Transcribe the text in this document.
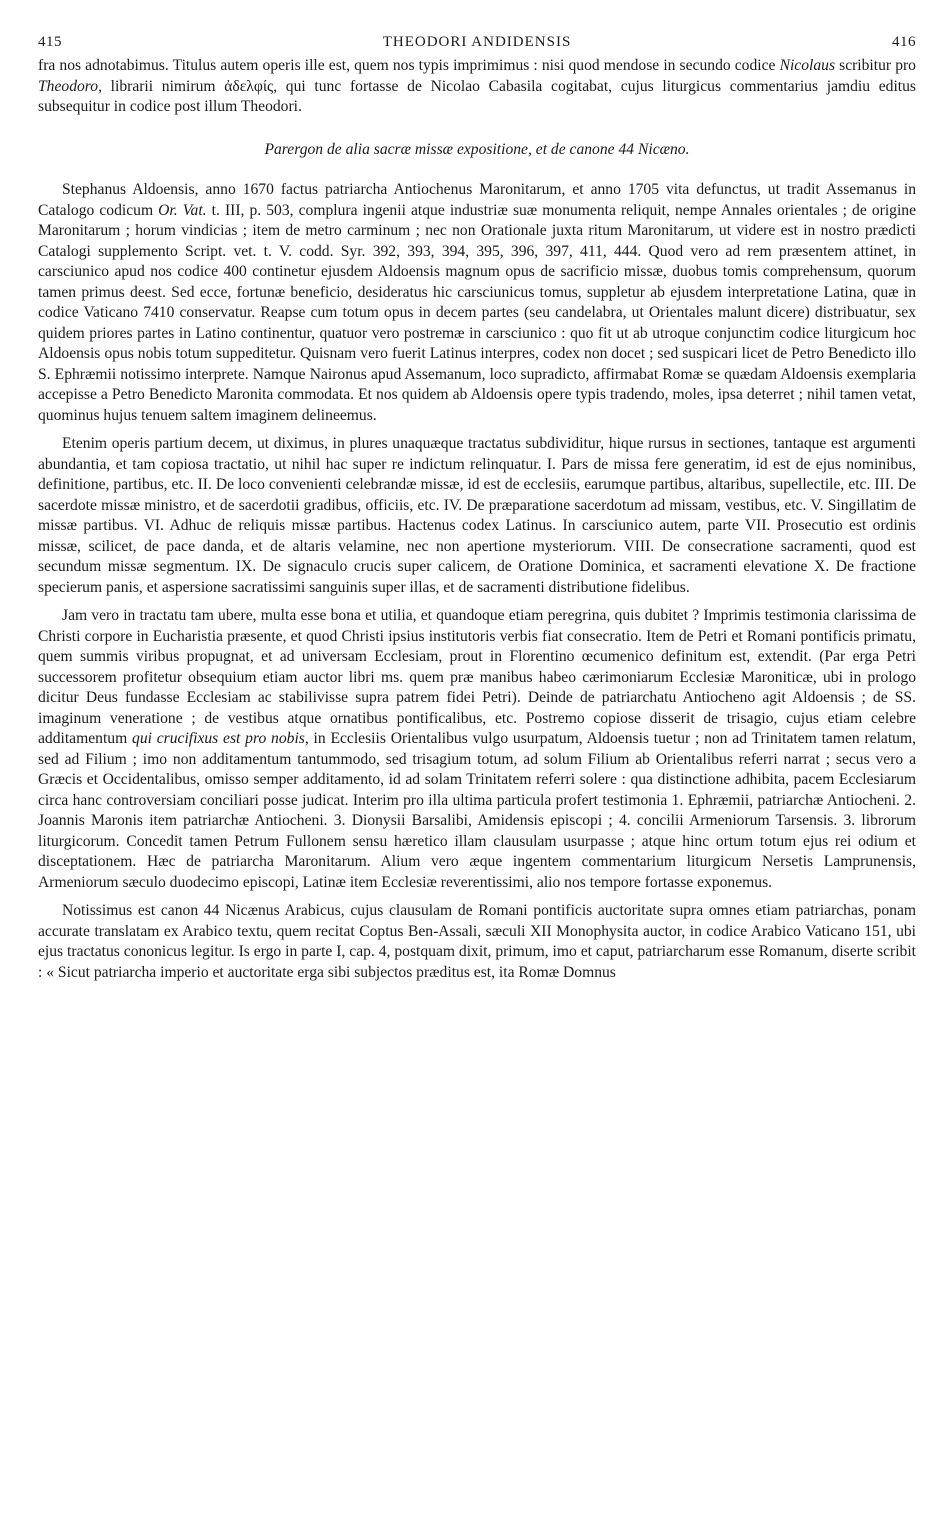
415	THEODORI ANDIDENSIS	416

fra nos adnotabimus. Titulus autem operis ille est, quem nos typis imprimimus : nisi quod mendose in secundo codice Nicolaus scribitur pro Theodoro, librarii nimirum ἀδελφίς, qui tunc fortasse de Nicolao Cabasila cogitabat, cujus liturgicus commentarius jamdiu editus subsequitur in codice post illum Theodori.

Parergon de alia sacræ missæ expositione, et de canone 44 Nicæno.

Stephanus Aldoensis, anno 1670 factus patriarcha Antiochenus Maronitarum, et anno 1705 vita defunctus, ut tradit Assemanus in Catalogo codicum Or. Vat. t. III, p. 503, complura ingenii atque industriæ suæ monumenta reliquit, nempe Annales orientales ; de origine Maronitarum ; horum vindicias ; item de metro carminum ; nec non Orationale juxta ritum Maronitarum, ut videre est in nostro prædicti Catalogi supplemento Script. vet. t. V. codd. Syr. 392, 393, 394, 395, 396, 397, 411, 444. Quod vero ad rem præsentem attinet, in carsciunico apud nos codice 400 continetur ejusdem Aldoensis magnum opus de sacrificio missæ, duobus tomis comprehensum, quorum tamen primus deest. Sed ecce, fortunæ beneficio, desideratus hic carsciunicus tomus, suppletur ab ejusdem interpretatione Latina, quæ in codice Vaticano 7410 conservatur. Reapse cum totum opus in decem partes (seu candelabra, ut Orientales malunt dicere) distribuatur, sex quidem priores partes in Latino continentur, quatuor vero postremæ in carsciunico : quo fit ut ab utroque conjunctim codice liturgicum hoc Aldoensis opus nobis totum suppeditetur. Quisnam vero fuerit Latinus interpres, codex non docet ; sed suspicari licet de Petro Benedicto illo S. Ephræmii notissimo interprete. Namque Naironus apud Assemanum, loco supradicto, affirmabat Romæ se quædam Aldoensis exemplaria accepisse a Petro Benedicto Maronita commodata. Et nos quidem ab Aldoensis opere typis tradendo, moles, ipsa deterret ; nihil tamen vetat, quominus hujus tenuem saltem imaginem delineemus.

Etenim operis partium decem, ut diximus, in plures unaquæque tractatus subdividitur, hique rursus in sectiones, tantaque est argumenti abundantia, et tam copiosa tractatio, ut nihil hac super re indictum relinquatur. I. Pars de missa fere generatim, id est de ejus nominibus, definitione, partibus, etc. II. De loco convenienti celebrandæ missæ, id est de ecclesiis, earumque partibus, altaribus, supellectile, etc. III. De sacerdote missæ ministro, et de sacerdotii gradibus, officiis, etc. IV. De præparatione sacerdotum ad missam, vestibus, etc. V. Singillatim de missæ partibus. VI. Adhuc de reliquis missæ partibus. Hactenus codex Latinus. In carsciunico autem, parte VII. Prosecutio est ordinis missæ, scilicet, de pace danda, et de altaris velamine, nec non apertione mysteriorum. VIII. De consecratione sacramenti, quod est secundum missæ segmentum. IX. De signaculo crucis super calicem, de Oratione Dominica, et sacramenti elevatione X. De fractione specierum panis, et aspersione sacratissimi sanguinis super illas, et de sacramenti distributione fidelibus.

Jam vero in tractatu tam ubere, multa esse bona et utilia, et quandoque etiam peregrina, quis dubitet ? Imprimis testimonia clarissima de Christi corpore in Eucharistia præsente, et quod Christi ipsius institutoris verbis fiat consecratio. Item de Petri et Romani pontificis primatu, quem summis viribus propugnat, et ad universam Ecclesiam, prout in Florentino œcumenico definitum est, extendit. (Par erga Petri successorem profitetur obsequium etiam auctor libri ms. quem præ manibus habeo cærimoniarum Ecclesiæ Maroniticæ, ubi in prologo dicitur Deus fundasse Ecclesiam ac stabilivisse supra patrem fidei Petri). Deinde de patriarchatu Antiocheno agit Aldoensis ; de SS. imaginum veneratione ; de vestibus atque ornatibus pontificalibus, etc. Postremo copiose disserit de trisagio, cujus etiam celebre additamentum qui crucifixus est pro nobis, in Ecclesiis Orientalibus vulgo usurpatum, Aldoensis tuetur ; non ad Trinitatem tamen relatum, sed ad Filium ; imo non additamentum tantummodo, sed trisagium totum, ad solum Filium ab Orientalibus referri narrat ; secus vero a Græcis et Occidentalibus, omisso semper additamento, id ad solam Trinitatem referri solere : qua distinctione adhibita, pacem Ecclesiarum circa hanc controversiam conciliari posse judicat. Interim pro illa ultima particula profert testimonia 1. Ephræmii, patriarchæ Antiocheni. 2. Joannis Maronis item patriarchæ Antiocheni. 3. Dionysii Barsalibi, Amidensis episcopi ; 4. concilii Armeniorum Tarsensis. 3. librorum liturgicorum. Concedit tamen Petrum Fullonem sensu hæretico illam clausulam usurpasse ; atque hinc ortum totum ejus rei odium et disceptationem. Hæc de patriarcha Maronitarum. Alium vero æque ingentem commentarium liturgicum Nersetis Lamprunensis, Armeniorum sæculo duodecimo episcopi, Latinæ item Ecclesiæ reverentissimi, alio nos tempore fortasse exponemus.

Notissimus est canon 44 Nicænus Arabicus, cujus clausulam de Romani pontificis auctoritate supra omnes etiam patriarchas, ponam accurate translatam ex Arabico textu, quem recitat Coptus Ben-Assali, sæculi XII Monophysita auctor, in codice Arabico Vaticano 151, ubi ejus tractatus cononicus legitur. Is ergo in parte I, cap. 4, postquam dixit, primum, imo et caput, patriarcharum esse Romanum, diserte scribit : « Sicut patriarcha imperio et auctoritate erga sibi subjectos præditus est, ita Romæ Domnus
